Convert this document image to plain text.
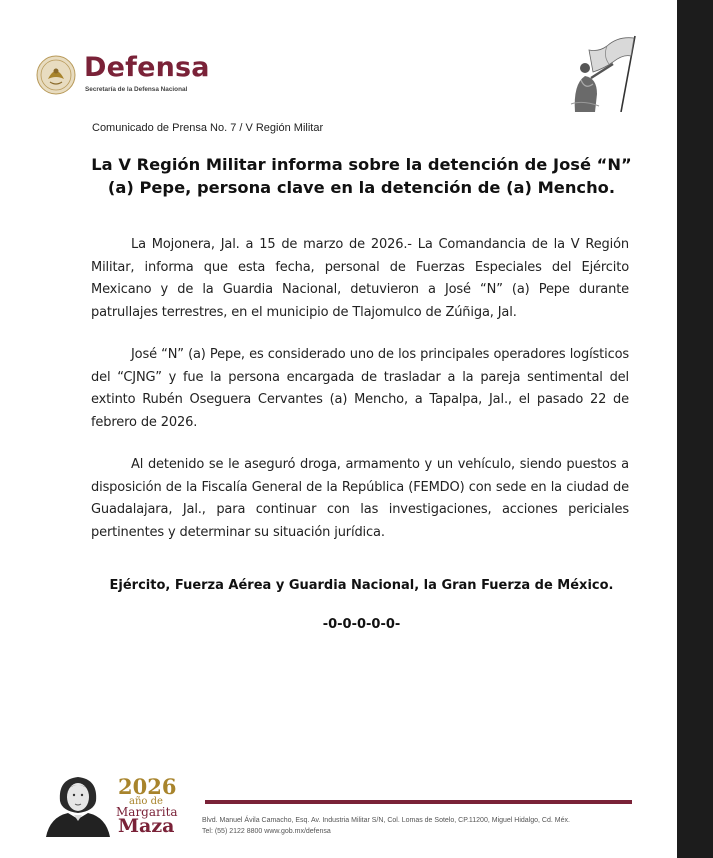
Defensa
Secretaría de la Defensa Nacional
Comunicado de Prensa No. 7 / V Región Militar
La V Región Militar informa sobre la detención de José “N”
(a) Pepe, persona clave en la detención de (a) Mencho.

La Mojonera, Jal. a 15 de marzo de 2026.- La Comandancia de la V Región Militar, informa que esta fecha, personal de Fuerzas Especiales del Ejército Mexicano y de la Guardia Nacional, detuvieron a José “N” (a) Pepe durante patrullajes terrestres, en el municipio de Tlajomulco de Zúñiga, Jal.

José “N” (a) Pepe, es considerado uno de los principales operadores logísticos del “CJNG” y fue la persona encargada de trasladar a la pareja sentimental del extinto Rubén Oseguera Cervantes (a) Mencho, a Tapalpa, Jal., el pasado 22 de febrero de 2026.

Al detenido se le aseguró droga, armamento y un vehículo, siendo puestos a disposición de la Fiscalía General de la República (FEMDO) con sede en la ciudad de Guadalajara, Jal., para continuar con las investigaciones, acciones periciales pertinentes y determinar su situación jurídica.

Ejército, Fuerza Aérea y Guardia Nacional, la Gran Fuerza de México.
-0-0-0-0-0-
2026
año de
Margarita
Maza	Blvd. Manuel Ávila Camacho, Esq. Av. Industria Militar S/N, Col. Lomas de Sotelo, CP.11200, Miguel Hidalgo, Cd. Méx.
Tel: (55) 2122 8800 www.gob.mx/defensa
